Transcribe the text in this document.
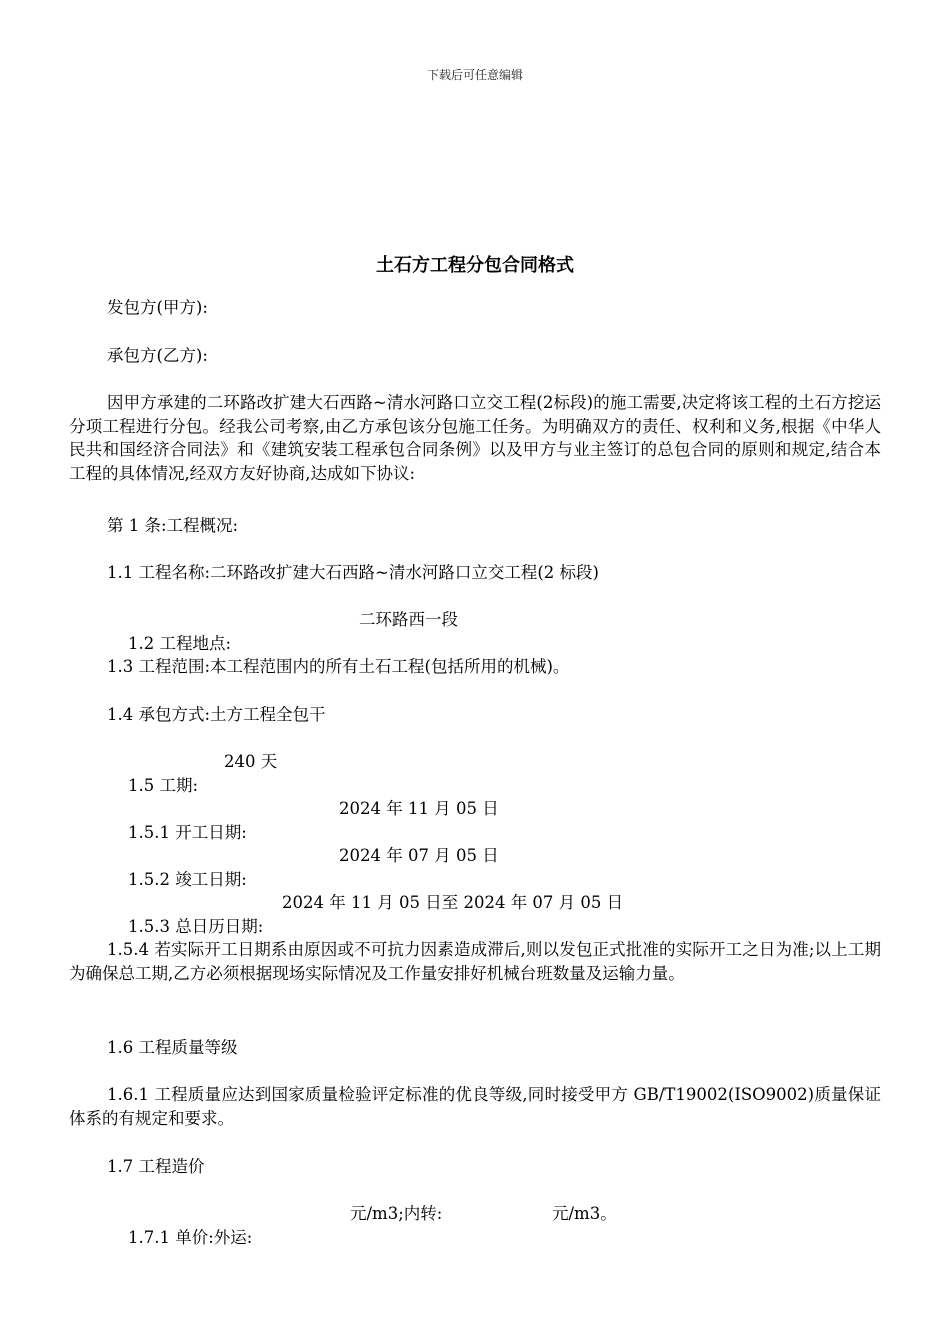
下载后可任意编辑
土石方工程分包合同格式
发包方(甲方):
承包方(乙方):
因甲方承建的二环路改扩建大石西路~清水河路口立交工程(2标段)的施工需要,决定将该工程的土石方挖运分项工程进行分包。经我公司考察,由乙方承包该分包施工任务。为明确双方的责任、权利和义务,根据《中华人民共和国经济合同法》和《建筑安装工程承包合同条例》以及甲方与业主签订的总包合同的原则和规定,结合本工程的具体情况,经双方友好协商,达成如下协议:
第 1 条:工程概况:
1.1 工程名称:二环路改扩建大石西路~清水河路口立交工程(2 标段)

1.2 工程地点:

二环路西一段

1.3 工程范围:本工程范围内的所有土石工程(包括所用的机械)。
1.4 承包方式:土方工程全包干

1.5 工期:

240 天

1.5.1 开工日期:

2024 年 11 月 05 日

1.5.2 竣工日期:

2024 年 07 月 05 日

1.5.3 总日历日期:

2024 年 11 月 05 日至 2024 年 07 月 05 日

1.5.4 若实际开工日期系由原因或不可抗力因素造成滞后,则以发包正式批准的实际开工之日为准;以上工期为确保总工期,乙方必须根据现场实际情况及工作量安排好机械台班数量及运输力量。
1.6 工程质量等级
1.6.1 工程质量应达到国家质量检验评定标准的优良等级,同时接受甲方 GB/T19002(ISO9002)质量保证体系的有规定和要求。
1.7 工程造价

1.7.1 单价:外运:

元/m3;内转:

	元/m3。
